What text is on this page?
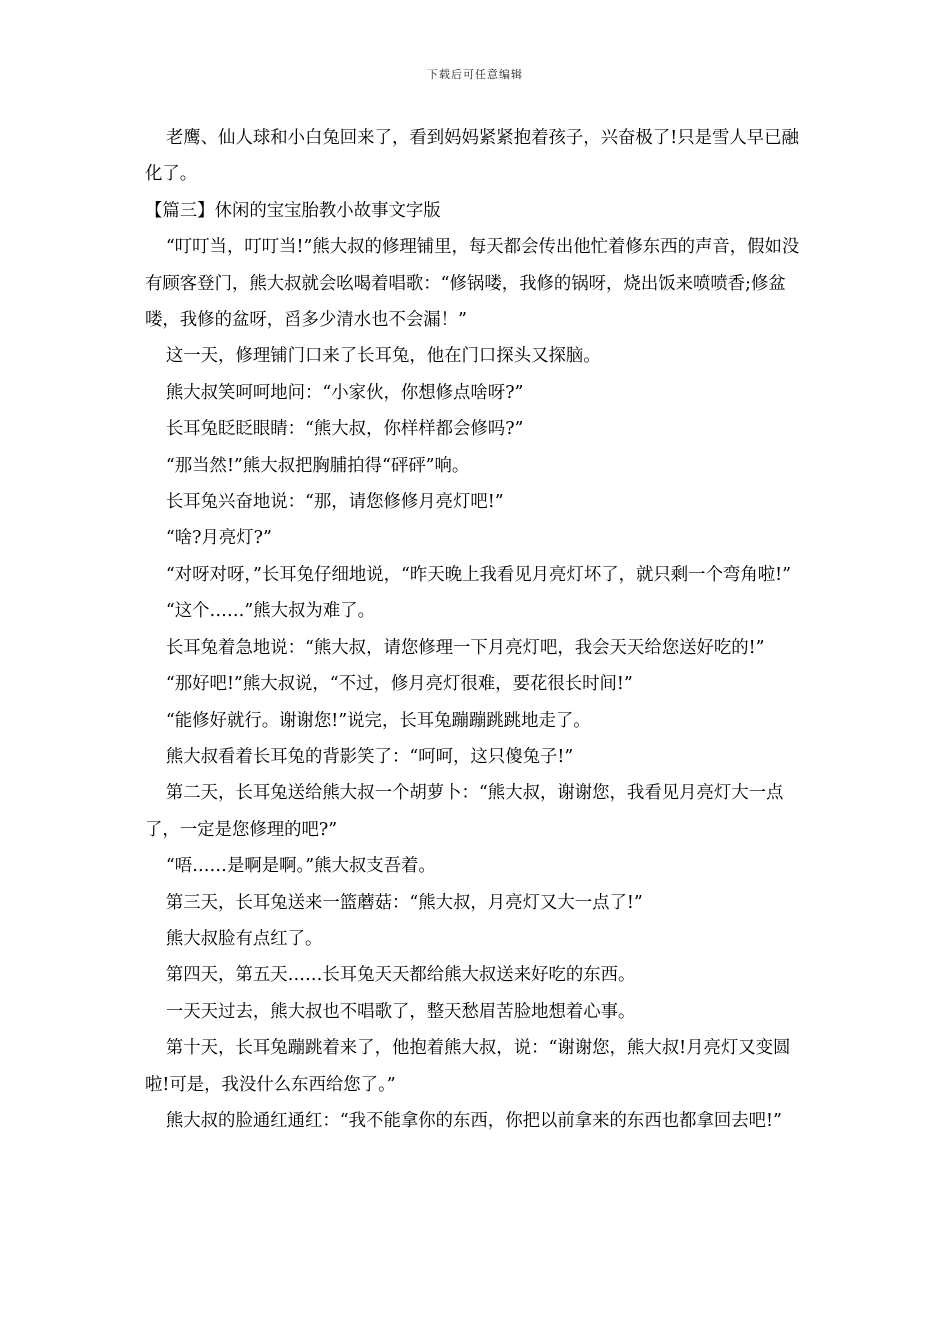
下载后可任意编辑

老鹰、仙人球和小白兔回来了，看到妈妈紧紧抱着孩子，兴奋极了!只是雪人早已融化了。

【篇三】休闲的宝宝胎教小故事文字版

“叮叮当，叮叮当!”熊大叔的修理铺里，每天都会传出他忙着修东西的声音，假如没有顾客登门，熊大叔就会吆喝着唱歌：“修锅喽，我修的锅呀，烧出饭来喷喷香;修盆喽，我修的盆呀，舀多少清水也不会漏！”

这一天，修理铺门口来了长耳兔，他在门口探头又探脑。

熊大叔笑呵呵地问：“小家伙，你想修点啥呀?”

长耳兔眨眨眼睛：“熊大叔，你样样都会修吗?”

“那当然!”熊大叔把胸脯拍得“砰砰”响。

长耳兔兴奋地说：“那，请您修修月亮灯吧!”

“啥?月亮灯?”

“对呀对呀，”长耳兔仔细地说，“昨天晚上我看见月亮灯坏了，就只剩一个弯角啦!”

“这个……”熊大叔为难了。

长耳兔着急地说：“熊大叔，请您修理一下月亮灯吧，我会天天给您送好吃的!”

“那好吧!”熊大叔说，“不过，修月亮灯很难，要花很长时间!”

“能修好就行。谢谢您!”说完，长耳兔蹦蹦跳跳地走了。

熊大叔看着长耳兔的背影笑了：“呵呵，这只傻兔子!”

第二天，长耳兔送给熊大叔一个胡萝卜：“熊大叔，谢谢您，我看见月亮灯大一点了，一定是您修理的吧?”

“唔……是啊是啊。”熊大叔支吾着。

第三天，长耳兔送来一篮蘑菇：“熊大叔，月亮灯又大一点了!”

熊大叔脸有点红了。

第四天，第五天……长耳兔天天都给熊大叔送来好吃的东西。

一天天过去，熊大叔也不唱歌了，整天愁眉苦脸地想着心事。

第十天，长耳兔蹦跳着来了，他抱着熊大叔，说：“谢谢您，熊大叔!月亮灯又变圆啦!可是，我没什么东西给您了。”

熊大叔的脸通红通红：“我不能拿你的东西，你把以前拿来的东西也都拿回去吧!”
